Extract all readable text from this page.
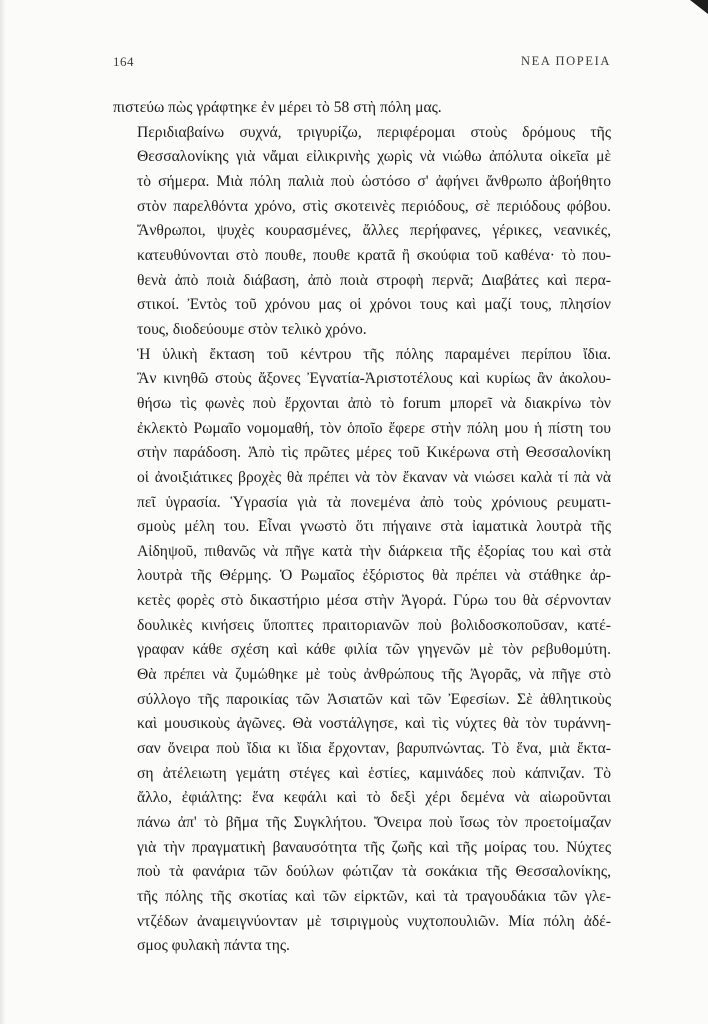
164	ΝΕΑ ΠΟΡΕΙΑ

πιστεύω πὼς γράφτηκε ἐν μέρει τὸ 58 στὴ πόλη μας.

Περιδιαβαίνω συχνά, τριγυρίζω, περιφέρομαι στοὺς δρόμους τῆς
Θεσσαλονίκης γιὰ νἄμαι εἰλικρινὴς χωρὶς νὰ νιώθω ἀπόλυτα οἰκεῖα μὲ
τὸ σήμερα. Μιὰ πόλη παλιὰ ποὺ ὡστόσο σ' ἀφήνει ἄνθρωπο ἀβοήθητο
στὸν παρελθόντα χρόνο, στὶς σκοτεινὲς περιόδους, σὲ περιόδους φόβου.
Ἄνθρωποι, ψυχὲς κουρασμένες, ἄλλες περήφανες, γέρικες, νεανικές,
κατευθύνονται στὸ πουθε, πουθε κρατᾶ ἢ σκούφια τοῦ καθένα· τὸ που-
θενὰ ἀπὸ ποιὰ διάβαση, ἀπὸ ποιὰ στροφὴ περνᾶ; Διαβάτες καὶ περα-
στικοί. Ἐντὸς τοῦ χρόνου μας οἱ χρόνοι τους καὶ μαζί τους, πλησίον
τους, διοδεύουμε στὸν τελικὸ χρόνο.

Ἡ ὑλικὴ ἔκταση τοῦ κέντρου τῆς πόλης παραμένει περίπου ἴδια.
Ἂν κινηθῶ στοὺς ἄξονες Ἐγνατία-Ἀριστοτέλους καὶ κυρίως ἂν ἀκολου-
θήσω τὶς φωνὲς ποὺ ἔρχονται ἀπὸ τὸ forum μπορεῖ νὰ διακρίνω τὸν
ἐκλεκτὸ Ρωμαῖο νομομαθή, τὸν ὁποῖο ἔφερε στὴν πόλη μου ἡ πίστη του
στὴν παράδοση. Ἀπὸ τὶς πρῶτες μέρες τοῦ Κικέρωνα στὴ Θεσσαλονίκη
οἱ ἀνοιξιάτικες βροχὲς θὰ πρέπει νὰ τὸν ἔκαναν νὰ νιώσει καλὰ τί πὰ νὰ
πεῖ ὑγρασία. Ὑγρασία γιὰ τὰ πονεμένα ἀπὸ τοὺς χρόνιους ρευματι-
σμοὺς μέλη του. Εἶναι γνωστὸ ὅτι πήγαινε στὰ ἰαματικὰ λουτρὰ τῆς
Αἰδηψοῦ, πιθανῶς νὰ πῆγε κατὰ τὴν διάρκεια τῆς ἐξορίας του καὶ στὰ
λουτρὰ τῆς Θέρμης. Ὁ Ρωμαῖος ἐξόριστος θὰ πρέπει νὰ στάθηκε ἀρ-
κετὲς φορὲς στὸ δικαστήριο μέσα στὴν Ἀγορά. Γύρω του θὰ σέρνονταν
δουλικὲς κινήσεις ὕποπτες πραιτοριανῶν ποὺ βολιδοσκοποῦσαν, κατέ-
γραφαν κάθε σχέση καὶ κάθε φιλία τῶν γηγενῶν μὲ τὸν ρεβυθομύτη.
Θὰ πρέπει νὰ ζυμώθηκε μὲ τοὺς ἀνθρώπους τῆς Ἀγορᾶς, νὰ πῆγε στὸ
σύλλογο τῆς παροικίας τῶν Ἀσιατῶν καὶ τῶν Ἐφεσίων. Σὲ ἀθλητικοὺς
καὶ μουσικοὺς ἀγῶνες. Θὰ νοστάλγησε, καὶ τὶς νύχτες θὰ τὸν τυράννη-
σαν ὄνειρα ποὺ ἴδια κι ἴδια ἔρχονταν, βαρυπνώντας. Τὸ ἕνα, μιὰ ἔκτα-
ση ἀτέλειωτη γεμάτη στέγες καὶ ἑστίες, καμινάδες ποὺ κάπνιζαν. Τὸ
ἄλλο, ἐφιάλτης: ἕνα κεφάλι καὶ τὸ δεξὶ χέρι δεμένα νὰ αἰωροῦνται
πάνω ἀπ' τὸ βῆμα τῆς Συγκλήτου. Ὄνειρα ποὺ ἴσως τὸν προετοίμαζαν
γιὰ τὴν πραγματικὴ βαναυσότητα τῆς ζωῆς καὶ τῆς μοίρας του. Νύχτες
ποὺ τὰ φανάρια τῶν δούλων φώτιζαν τὰ σοκάκια τῆς Θεσσαλονίκης,
τῆς πόλης τῆς σκοτίας καὶ τῶν εἱρκτῶν, καὶ τὰ τραγουδάκια τῶν γλε-
ντζέδων ἀναμειγνύονταν μὲ τσιριγμοὺς νυχτοπουλιῶν. Μία πόλη ἀδέ-
σμος φυλακὴ πάντα της.
